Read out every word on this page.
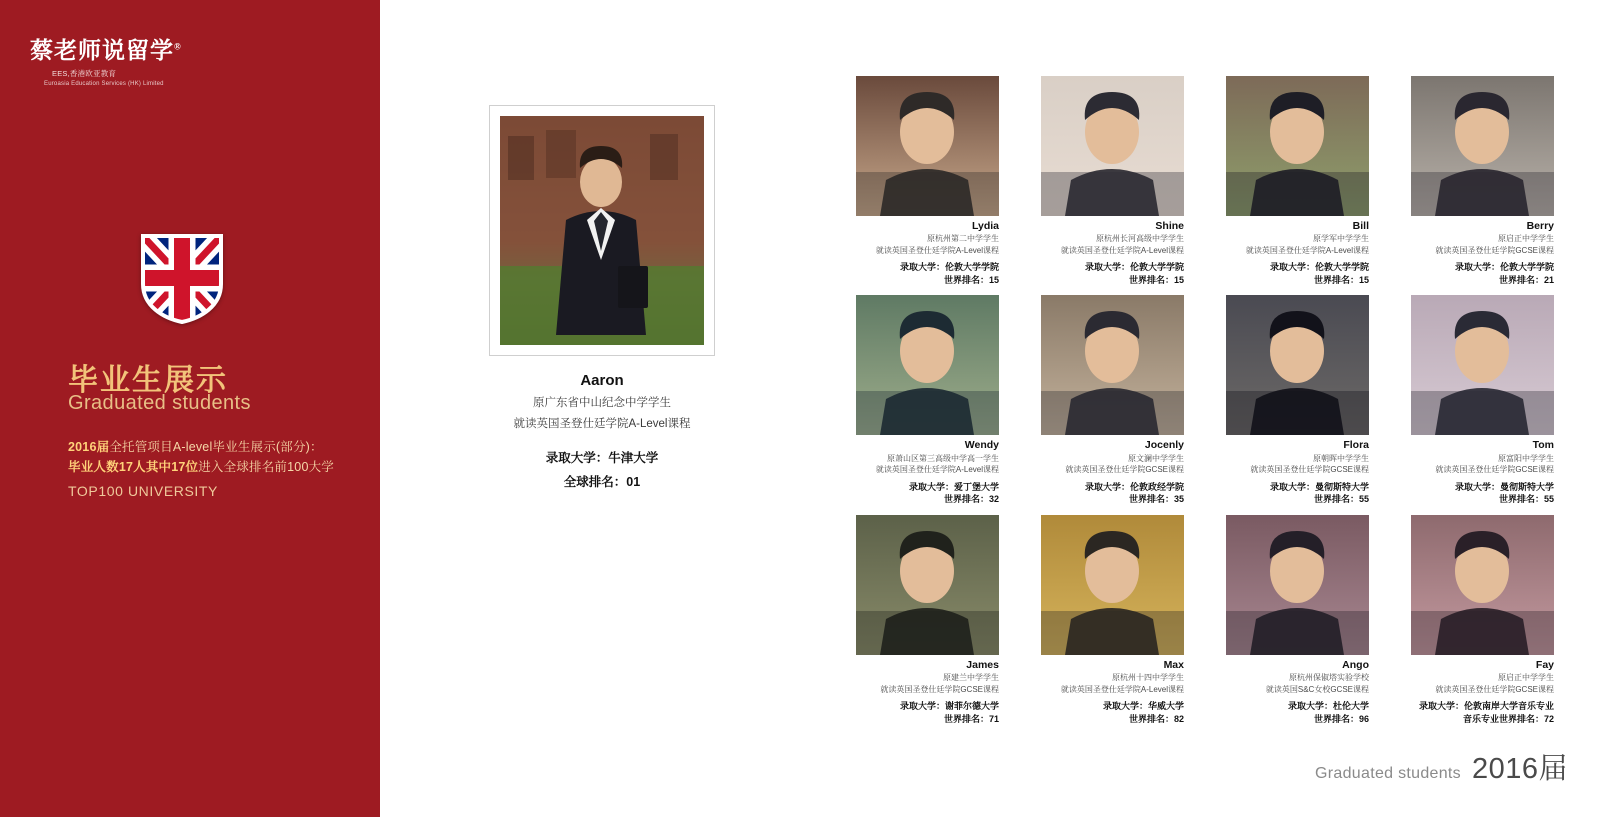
蔡老师说留学®
EES,香港欧亚教育
Euroasia Education Services (HK) Limited
毕业生展示
Graduated students
2016届全托管项目A-level毕业生展示(部分)：
毕业人数17人其中17位进入全球排名前100大学
TOP100 UNIVERSITY
Aaron
原广东省中山纪念中学学生
就读英国圣登仕廷学院A-Level课程
录取大学：牛津大学
全球排名：01
Lydia
原杭州第二中学学生
就读英国圣登仕廷学院A-Level课程
录取大学：伦敦大学学院
世界排名：15
Shine
原杭州长河高级中学学生
就读英国圣登仕廷学院A-Level课程
录取大学：伦敦大学学院
世界排名：15
Bill
原学军中学学生
就读英国圣登仕廷学院A-Level课程
录取大学：伦敦大学学院
世界排名：15
Berry
原启正中学学生
就读英国圣登仕廷学院GCSE课程
录取大学：伦敦大学学院
世界排名：21
Wendy
原萧山区第三高级中学高一学生
就读英国圣登仕廷学院A-Level课程
录取大学：爱丁堡大学
世界排名：32
Jocenly
原文澜中学学生
就读英国圣登仕廷学院GCSE课程
录取大学：伦敦政经学院
世界排名：35
Flora
原朝晖中学学生
就读英国圣登仕廷学院GCSE课程
录取大学：曼彻斯特大学
世界排名：55
Tom
原富阳中学学生
就读英国圣登仕廷学院GCSE课程
录取大学：曼彻斯特大学
世界排名：55
James
原建兰中学学生
就读英国圣登仕廷学院GCSE课程
录取大学：谢菲尔德大学
世界排名：71
Max
原杭州十四中学学生
就读英国圣登仕廷学院A-Level课程
录取大学：华威大学
世界排名：82
Ango
原杭州保俶塔实验学校
就读英国S&C女校GCSE课程
录取大学：杜伦大学
世界排名：96
Fay
原启正中学学生
就读英国圣登仕廷学院GCSE课程
录取大学：伦敦南岸大学音乐专业
音乐专业世界排名：72
Graduated students 2016届
